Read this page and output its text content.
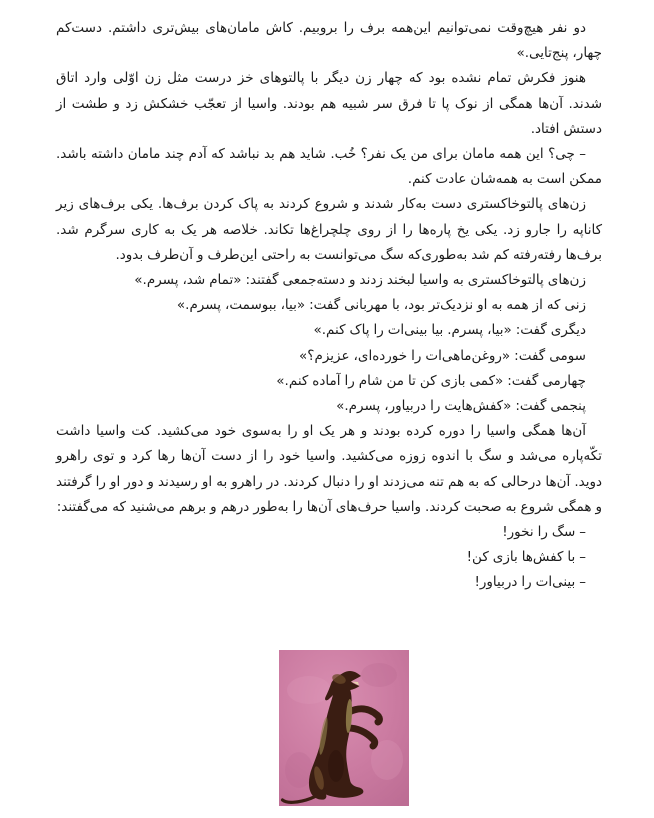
دو نفر هیچ‌وقت نمی‌توانیم این‌همه برف را بروبیم. کاش مامان‌های بیش‌تری داشتم. دست‌کم چهار، پنج‌تایی.»

هنوز فکرش تمام نشده بود که چهار زن دیگر با پالتوهای خز درست مثل زن اوّلی وارد اتاق شدند. آن‌ها همگی از نوک پا تا فرق سر شبیه هم بودند. واسیا از تعجّب خشکش زد و طشت از دستش افتاد.

– چی؟ این همه مامان برای من یک نفر؟ خُب. شاید هم بد نباشد که آدم چند مامان داشته باشد. ممکن است به همه‌شان عادت کنم.

زن‌های پالتوخاکستری دست به‌کار شدند و شروع کردند به پاک کردن برف‌ها. یکی برف‌های زیر کاناپه را جارو زد. یکی یخ پاره‌ها را از روی چلچراغ‌ها تکاند. خلاصه هر یک به کاری سرگرم شد. برف‌ها رفته‌رفته کم شد به‌طوری‌که سگ می‌توانست به راحتی این‌طرف و آن‌طرف بدود.

زن‌های پالتوخاکستری به واسیا لبخند زدند و دسته‌جمعی گفتند: «تمام شد، پسرم.»

زنی که از همه به او نزدیک‌تر بود، با مهربانی گفت: «بیا، ببوسمت، پسرم.»

دیگری گفت: «بیا، پسرم. بیا بینی‌ات را پاک کنم.»

سومی گفت: «روغن‌ماهی‌ات را خورده‌ای، عزیزم؟»

چهارمی گفت: «کمی بازی کن تا من شام را آماده کنم.»

پنجمی گفت: «کفش‌هایت را دربیاور، پسرم.»

آن‌ها همگی واسیا را دوره کرده بودند و هر یک او را به‌سوی خود می‌کشید. کت واسیا داشت تکّه‌پاره می‌شد و سگ با اندوه زوزه می‌کشید. واسیا خود را از دست آن‌ها رها کرد و توی راهرو دوید. آن‌ها درحالی که به هم تنه می‌زدند او را دنبال کردند. در راهرو به او رسیدند و دور او را گرفتند و همگی شروع به صحبت کردند. واسیا حرف‌های آن‌ها را به‌طور درهم و برهم می‌شنید که می‌گفتند:

– سگ را نخور!

– با کفش‌ها بازی کن!

– بینی‌ات را دربیاور!
